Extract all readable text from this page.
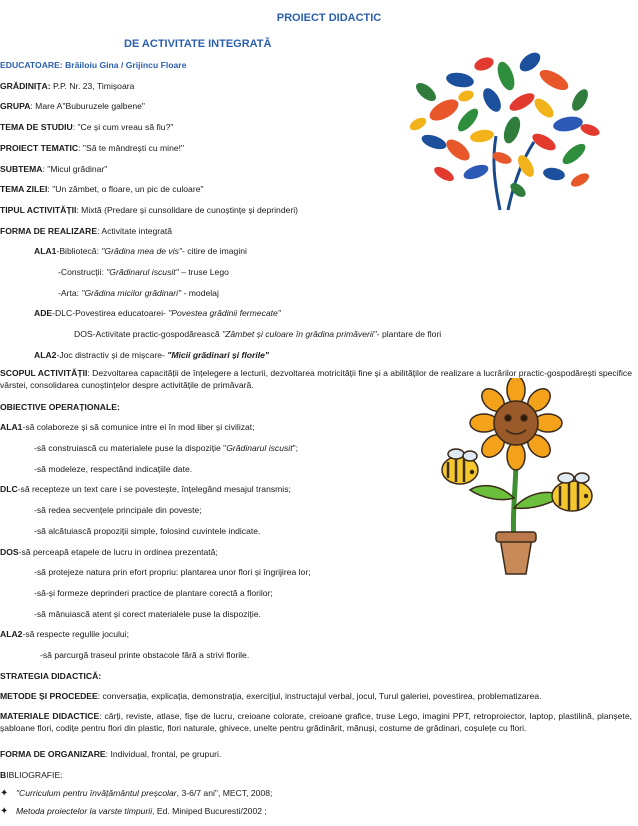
PROIECT DIDACTIC
DE ACTIVITATE INTEGRATĂ
EDUCATOARE: Brăiloiu Gina / Grijincu Floare
GRĂDINIȚA: P.P. Nr. 23, Timișoara
GRUPA: Mare A"Buburuzele galbene"
TEMA DE STUDIU: "Ce și cum vreau să fiu?"
PROIECT TEMATIC: "Să te mândrești cu mine!"
SUBTEMA: "Micul grădinar"
TEMA ZILEI: "Un zâmbet, o floare, un pic de culoare"
TIPUL ACTIVITĂȚII: Mixtă (Predare și cunsolidare de cunoștințe și deprinderi)
FORMA DE REALIZARE: Activitate integrată
ALA1-Bibliotecă: "Grădina mea de vis"- citire de imagini
-Construcții: "Grădinarul iscusit" – truse Lego
-Arta: "Grădina micilor grădinari" - modelaj
ADE-DLC-Povestirea educatoarei- "Povestea grădinii fermecate"
DOS-Activitate practic-gospodărească "Zâmbet și culoare în grădina primăverii"- plantare de flori
ALA2-Joc distractiv și de mișcare- "Micii grădinari și florile"
SCOPUL ACTIVITĂȚII: Dezvoltarea capacității de înțelegere a lecturii, dezvoltarea motricității fine și a abilităților de realizare a lucrărilor practic-gospodărești specifice vârstei, consolidarea cunoștințelor despre activitățile de primăvară.
OBIECTIVE OPERAȚIONALE:
ALA1-să colaboreze și să comunice intre ei în mod liber și civilizat;
-să construiască cu materialele puse la dispoziție "Grădinarul iscusit";
-să modeleze, respectând indicațiile date.
DLC-să recepteze un text care i se povestește, înțelegând mesajul transmis;
-să redea secvențele principale din poveste;
-să alcătuiască propoziții simple, folosind cuvintele indicate.
DOS-să perceapă etapele de lucru in ordinea prezentată;
-să protejeze natura prin efort propriu: plantarea unor flori și îngrijirea lor;
-să-și formeze deprinderi practice de plantare corectă a florilor;
-să mânuiască atent și corect materialele puse la dispoziție.
ALA2-să respecte regulile jocului;
-să parcurgă traseul printe obstacole fără a strivi florile.
STRATEGIA DIDACTICĂ:
METODE ȘI PROCEDEE: conversația, explicația, demonstrația, exercițiul, instructajul verbal, jocul, Turul galeriei, povestirea, problematizarea.
MATERIALE DIDACTICE: cărți, reviste, atlase, fișe de lucru, creioane colorate, creioane grafice, truse Lego, imagini PPT, retroproiector, laptop, plastilină, planșete, șabloane flori, codițe pentru flori din plastic, flori naturale, ghivece, unelte pentru grădinărit, mănuși, costume de grădinari, coșulețe cu flori.
FORMA DE ORGANIZARE: Individual, frontal, pe grupuri.
BIBLIOGRAFIE:
✦ "Curriculum pentru învățământul preșcolar, 3-6/7 ani", MECT, 2008;
✦ Metoda proiectelor la varste timpurii, Ed. Miniped Bucuresti/2002 ;
